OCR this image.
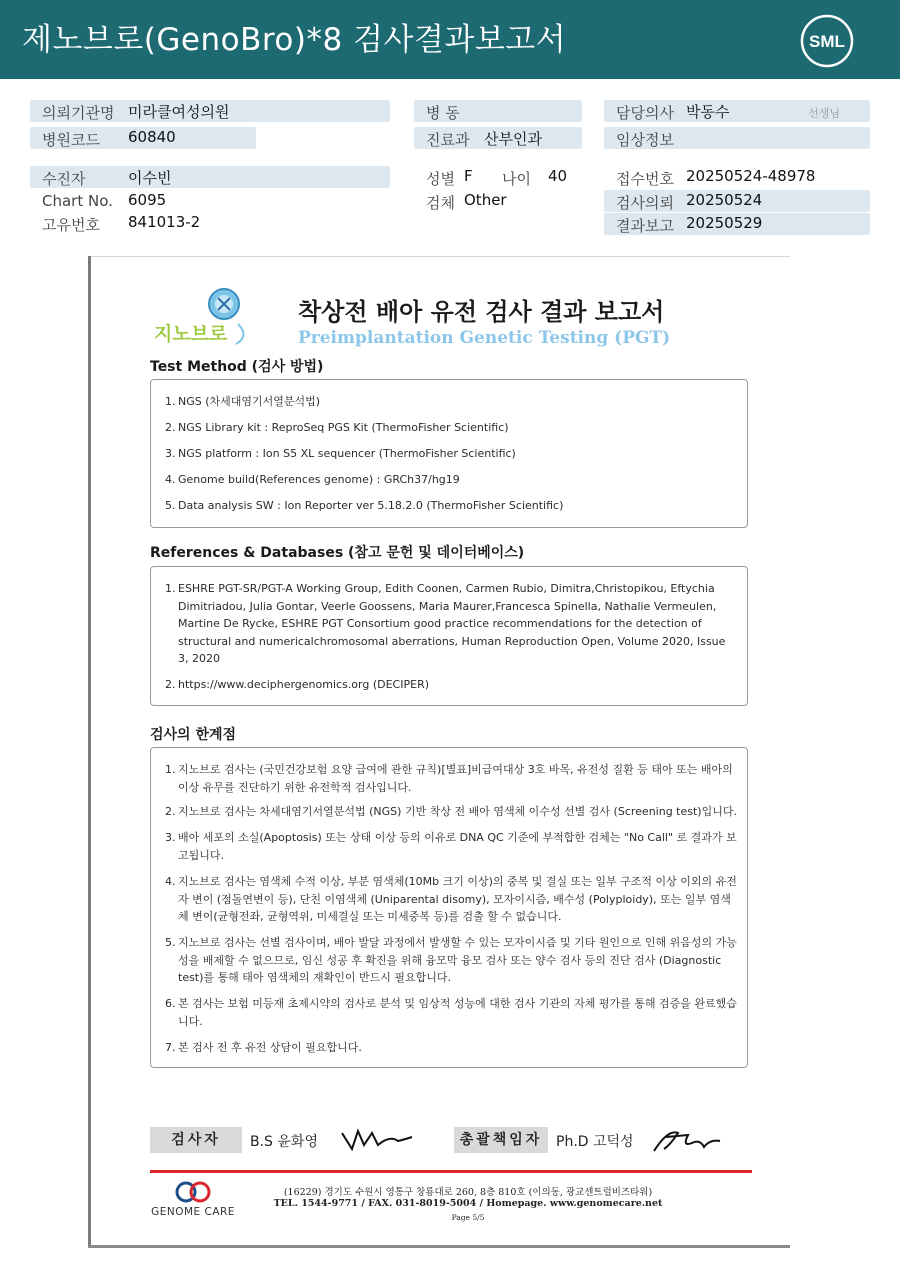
제노브로(GenoBro)*8 검사결과보고서	SML
의뢰기관명 미라클여성의원
병원코드 60840
병 동
진료과 산부인과
담당의사 박동수	선생님
임상정보
수진자	이수빈
Chart No. 6095
고유번호 841013-2
성별 F 나이 40
검체 Other
접수번호 20250524-48978
검사의뢰 20250524
결과보고 20250529
지노브로
착상전 배아 유전 검사 결과 보고서
Preimplantation Genetic Testing (PGT)
Test Method (검사 방법)
1. NGS (차세대염기서열분석법)
2. NGS Library kit : ReproSeq PGS Kit (ThermoFisher Scientific)
3. NGS platform : Ion S5 XL sequencer (ThermoFisher Scientific)
4. Genome build(References genome) : GRCh37/hg19
5. Data analysis SW : Ion Reporter ver 5.18.2.0 (ThermoFisher Scientific)
References & Databases (참고 문헌 및 데이터베이스)
1. ESHRE PGT-SR/PGT-A Working Group, Edith Coonen, Carmen Rubio, Dimitra,Christopikou, Eftychia Dimitriadou, Julia Gontar, Veerle Goossens, Maria Maurer,Francesca Spinella, Nathalie Vermeulen, Martine De Rycke, ESHRE PGT Consortium good practice recommendations for the detection of structural and numericalchromosomal aberrations, Human Reproduction Open, Volume 2020, Issue 3, 2020
2. https://www.deciphergenomics.org (DECIPER)
검사의 한계점
1. 지노브로 검사는 (국민건강보험 요양 급여에 관한 규칙)[별표]비급여대상 3호 바목, 유전성 질환 등 태아 또는 배아의 이상 유무를 진단하기 위한 유전학적 검사입니다.
2. 지노브로 검사는 차세대염기서열분석법 (NGS) 기반 착상 전 배아 염색체 이수성 선별 검사 (Screening test)입니다.
3. 배아 세포의 소실(Apoptosis) 또는 상태 이상 등의 이유로 DNA QC 기준에 부적합한 검체는 "No Call" 로 결과가 보고됩니다.
4. 지노브로 검사는 염색체 수적 이상, 부분 염색체(10Mb 크기 이상)의 중복 및 결실 또는 일부 구조적 이상 이외의 유전자 변이 (점돌연변이 등), 단친 이염색체 (Uniparental disomy), 모자이시즘, 배수성 (Polyploidy), 또는 일부 염색체 변이(균형전좌, 균형역위, 미세결실 또는 미세중복 등)를 검출 할 수 없습니다.
5. 지노브로 검사는 선별 검사이며, 배아 발달 과정에서 발생할 수 있는 모자이시즘 및 기타 원인으로 인해 위음성의 가능성을 배제할 수 없으므로, 임신 성공 후 확진을 위해 융모막 융모 검사 또는 양수 검사 등의 진단 검사 (Diagnostic test)를 통해 태아 염색체의 재확인이 반드시 필요합니다.
6. 본 검사는 보험 미등재 초제시약의 검사로 분석 및 임상적 성능에 대한 검사 기관의 자체 평가를 통해 검증을 완료했습니다.
7. 본 검사 전 후 유전 상담이 필요합니다.
검사자	B.S 윤화영	총괄책임자 Ph.D 고덕성
GENOME CARE
(16229) 경기도 수원시 영통구 창룡대로 260, 8층 810호 (이의동, 광교센트럴비즈타워)
TEL. 1544-9771 / FAX. 031-8019-5004 / Homepage. www.genomecare.net
Page 5/5
